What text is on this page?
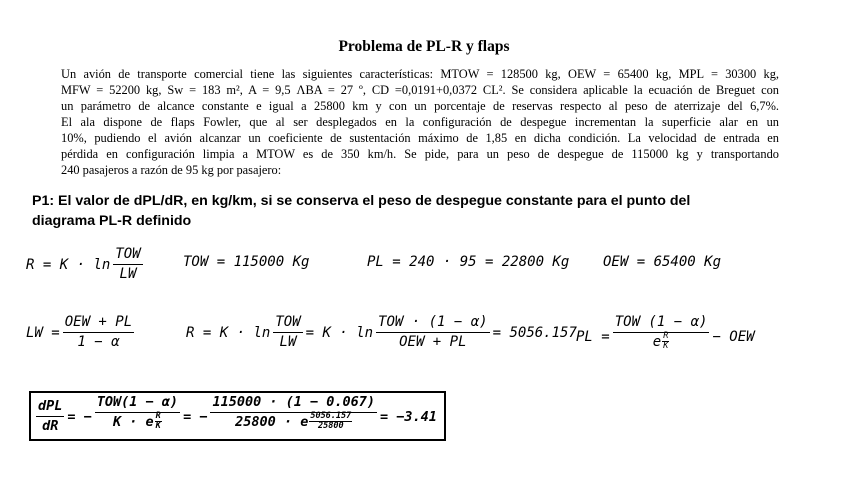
Problema de PL-R y flaps
Un avión de transporte comercial tiene las siguientes características: MTOW = 128500 kg, OEW = 65400 kg, MPL = 30300 kg,
MFW = 52200 kg, Sw = 183 m², A = 9,5 ΛBA = 27 º, CD =0,0191+0,0372 CL². Se considera aplicable la ecuación de Breguet con
un parámetro de alcance constante e igual a 25800 km y con un porcentaje de reservas respecto al peso de aterrizaje del 6,7%.
El ala dispone de flaps Fowler, que al ser desplegados en la configuración de despegue incrementan la superficie alar en un
10%, pudiendo el avión alcanzar un coeficiente de sustentación máximo de 1,85 en dicha condición. La velocidad de entrada en
pérdida en configuración limpia a MTOW es de 350 km/h. Se pide, para un peso de despegue de 115000 kg y transportando
240 pasajeros a razón de 95 kg por pasajero:
P1: El valor de dPL/dR, en kg/km, si se conserva el peso de despegue constante para el punto del
diagrama PL-R definido
$R = K \cdot \ln \frac{\text{TOW}}{LW}$	TOW = 115000 Kg	PL = 240 · 95 = 22800 Kg OEW = 65400 Kg
LW = $\frac{\text{OEW + PL}}{1 - \alpha}$	$R = K \cdot \ln \frac{\text{TOW}}{LW} = K \cdot \ln \frac{\text{TOW · (1 − α)}}{\text{OEW + PL}} = 5056.157$ PL = $\frac{\text{TOW (1 − α)}}{e \frac{R}{K}}$ − OEW
$\frac{\text{dPL}}{dR}$ = − $\frac{\text{TOW(1 − α)}}{K \cdot e \frac{R}{K}}$ = − $\frac{115000 \cdot (1 - 0.067)}{25800 \cdot e \frac{5056.157}{25800}} = -3.41$
